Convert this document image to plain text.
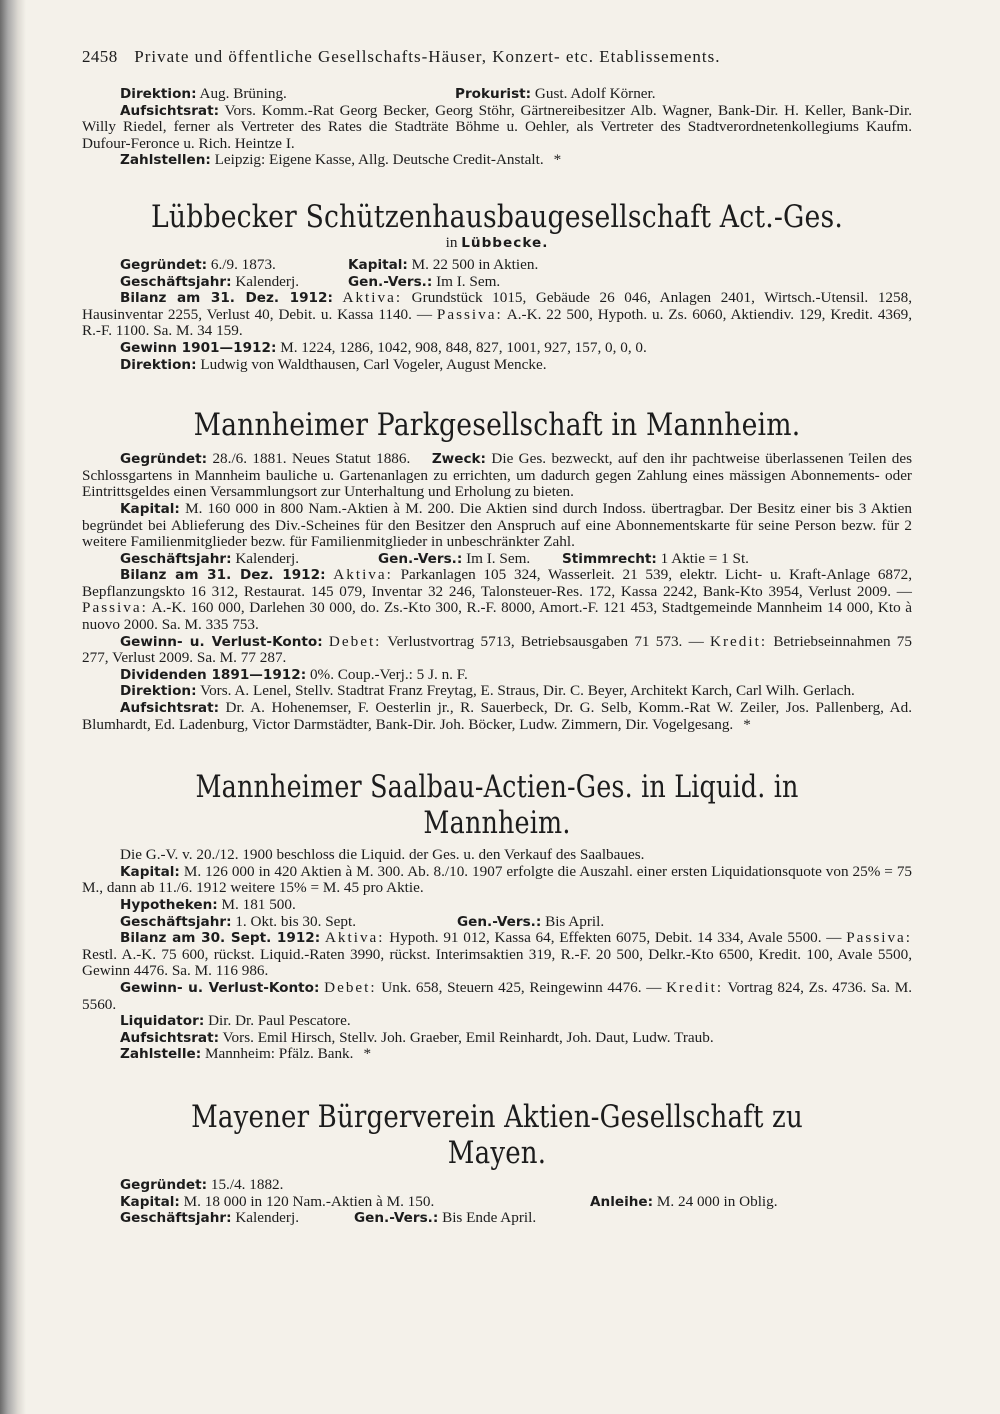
2458 Private und öffentliche Gesellschafts-Häuser, Konzert- etc. Etablissements.
Direktion: Aug. Brüning.	Prokurist: Gust. Adolf Körner.

Aufsichtsrat: Vors. Komm.-Rat Georg Becker, Georg Stöhr, Gärtnereibesitzer Alb. Wagner, Bank-Dir. H. Keller, Bank-Dir. Willy Riedel, ferner als Vertreter des Rates die Stadträte Böhme u. Oehler, als Vertreter des Stadtverordnetenkollegiums Kaufm. Dufour-Feronce u. Rich. Heintze I.

Zahlstellen: Leipzig: Eigene Kasse, Allg. Deutsche Credit-Anstalt. *

Lübbecker Schützenhausbaugesellschaft Act.-Ges.
in Lübbecke.
Gegründet: 6./9. 1873.	Kapital: M. 22 500 in Aktien.
Geschäftsjahr: Kalenderj.	Gen.-Vers.: Im I. Sem.

Bilanz am 31. Dez. 1912: Aktiva: Grundstück 1015, Gebäude 26 046, Anlagen 2401, Wirtsch.-Utensil. 1258, Hausinventar 2255, Verlust 40, Debit. u. Kassa 1140. — Passiva: A.-K. 22 500, Hypoth. u. Zs. 6060, Aktiendiv. 129, Kredit. 4369, R.-F. 1100. Sa. M. 34 159.

Gewinn 1901—1912: M. 1224, 1286, 1042, 908, 848, 827, 1001, 927, 157, 0, 0, 0.

Direktion: Ludwig von Waldthausen, Carl Vogeler, August Mencke.

Mannheimer Parkgesellschaft in Mannheim.

Gegründet: 28./6. 1881. Neues Statut 1886. Zweck: Die Ges. bezweckt, auf den ihr pachtweise überlassenen Teilen des Schlossgartens in Mannheim bauliche u. Gartenanlagen zu errichten, um dadurch gegen Zahlung eines mässigen Abonnements- oder Eintrittsgeldes einen Versammlungsort zur Unterhaltung und Erholung zu bieten.

Kapital: M. 160 000 in 800 Nam.-Aktien à M. 200. Die Aktien sind durch Indoss. übertragbar. Der Besitz einer bis 3 Aktien begründet bei Ablieferung des Div.-Scheines für den Besitzer den Anspruch auf eine Abonnementskarte für seine Person bezw. für 2 weitere Familienmitglieder bezw. für Familienmitglieder in unbeschränkter Zahl.

Geschäftsjahr: Kalenderj.	Gen.-Vers.: Im I. Sem.	Stimmrecht: 1 Aktie = 1 St.

Bilanz am 31. Dez. 1912: Aktiva: Parkanlagen 105 324, Wasserleit. 21 539, elektr. Licht- u. Kraft-Anlage 6872, Bepflanzungskto 16 312, Restaurat. 145 079, Inventar 32 246, Talonsteuer-Res. 172, Kassa 2242, Bank-Kto 3954, Verlust 2009. — Passiva: A.-K. 160 000, Darlehen 30 000, do. Zs.-Kto 300, R.-F. 8000, Amort.-F. 121 453, Stadtgemeinde Mannheim 14 000, Kto à nuovo 2000. Sa. M. 335 753.

Gewinn- u. Verlust-Konto: Debet: Verlustvortrag 5713, Betriebsausgaben 71 573. — Kredit: Betriebseinnahmen 75 277, Verlust 2009. Sa. M. 77 287.

Dividenden 1891—1912: 0%. Coup.-Verj.: 5 J. n. F.

Direktion: Vors. A. Lenel, Stellv. Stadtrat Franz Freytag, E. Straus, Dir. C. Beyer, Architekt Karch, Carl Wilh. Gerlach.

Aufsichtsrat: Dr. A. Hohenemser, F. Oesterlin jr., R. Sauerbeck, Dr. G. Selb, Komm.-Rat W. Zeiler, Jos. Pallenberg, Ad. Blumhardt, Ed. Ladenburg, Victor Darmstädter, Bank-Dir. Joh. Böcker, Ludw. Zimmern, Dir. Vogelgesang. *

Mannheimer Saalbau-Actien-Ges. in Liquid. in Mannheim.

Die G.-V. v. 20./12. 1900 beschloss die Liquid. der Ges. u. den Verkauf des Saalbaues.

Kapital: M. 126 000 in 420 Aktien à M. 300. Ab. 8./10. 1907 erfolgte die Auszahl. einer ersten Liquidationsquote von 25% = 75 M., dann ab 11./6. 1912 weitere 15% = M. 45 pro Aktie.

Hypotheken: M. 181 500.

Geschäftsjahr: 1. Okt. bis 30. Sept.	Gen.-Vers.: Bis April.

Bilanz am 30. Sept. 1912: Aktiva: Hypoth. 91 012, Kassa 64, Effekten 6075, Debit. 14 334, Avale 5500. — Passiva: Restl. A.-K. 75 600, rückst. Liquid.-Raten 3990, rückst. Interimsaktien 319, R.-F. 20 500, Delkr.-Kto 6500, Kredit. 100, Avale 5500, Gewinn 4476. Sa. M. 116 986.

Gewinn- u. Verlust-Konto: Debet: Unk. 658, Steuern 425, Reingewinn 4476. — Kredit: Vortrag 824, Zs. 4736. Sa. M. 5560.

Liquidator: Dir. Dr. Paul Pescatore.

Aufsichtsrat: Vors. Emil Hirsch, Stellv. Joh. Graeber, Emil Reinhardt, Joh. Daut, Ludw. Traub.

Zahlstelle: Mannheim: Pfälz. Bank. *

Mayener Bürgerverein Aktien-Gesellschaft zu Mayen.

Gegründet: 15./4. 1882.

Kapital: M. 18 000 in 120 Nam.-Aktien à M. 150.	Anleihe: M. 24 000 in Oblig.
Geschäftsjahr: Kalenderj.	Gen.-Vers.: Bis Ende April.
